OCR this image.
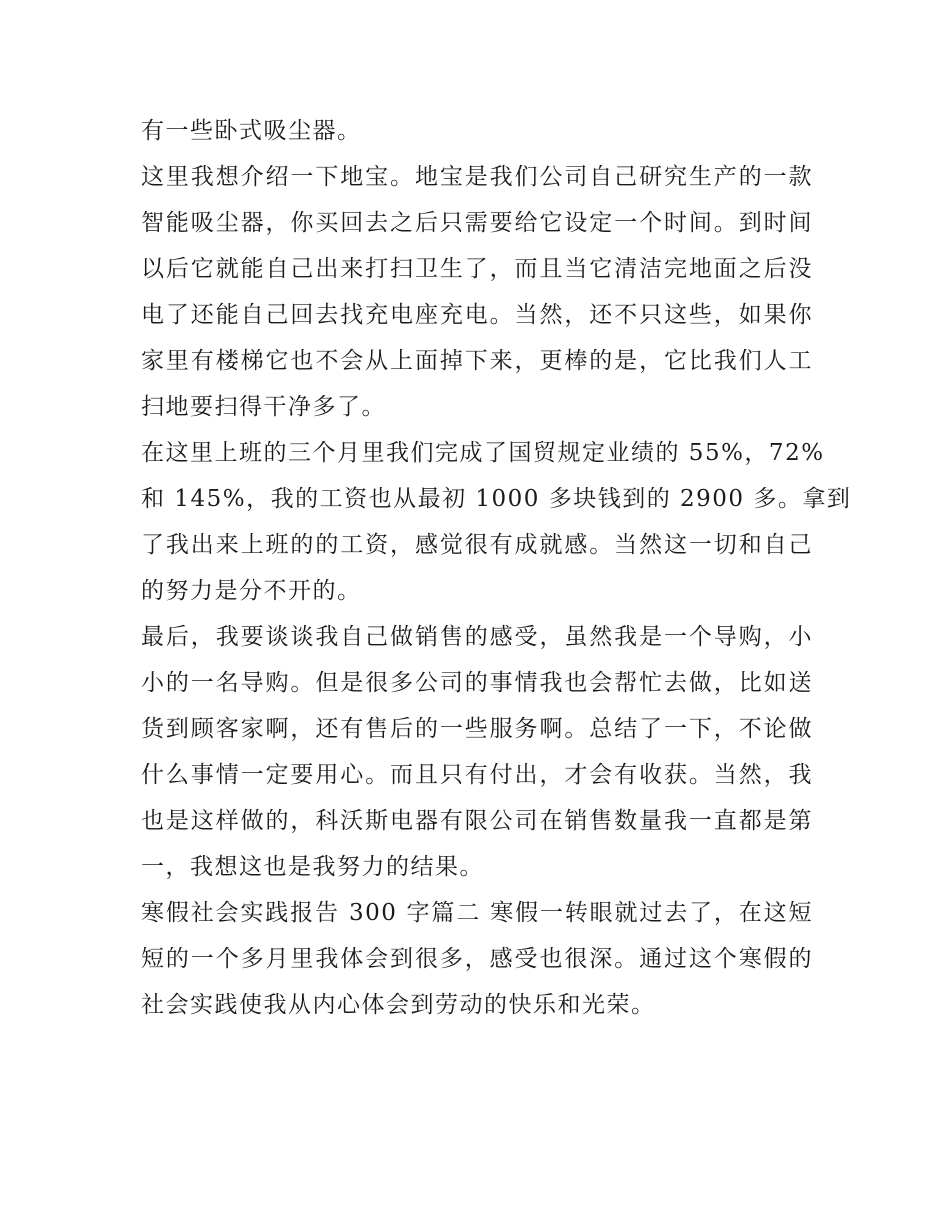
有一些卧式吸尘器。
这里我想介绍一下地宝。地宝是我们公司自己研究生产的一款
智能吸尘器，你买回去之后只需要给它设定一个时间。到时间
以后它就能自己出来打扫卫生了，而且当它清洁完地面之后没
电了还能自己回去找充电座充电。当然，还不只这些，如果你
家里有楼梯它也不会从上面掉下来，更棒的是，它比我们人工
扫地要扫得干净多了。
在这里上班的三个月里我们完成了国贸规定业绩的 55%，72%
和 145%，我的工资也从最初 1000 多块钱到的 2900 多。拿到
了我出来上班的的工资，感觉很有成就感。当然这一切和自己
的努力是分不开的。
最后，我要谈谈我自己做销售的感受，虽然我是一个导购，小
小的一名导购。但是很多公司的事情我也会帮忙去做，比如送
货到顾客家啊，还有售后的一些服务啊。总结了一下，不论做
什么事情一定要用心。而且只有付出，才会有收获。当然，我
也是这样做的，科沃斯电器有限公司在销售数量我一直都是第
一，我想这也是我努力的结果。
寒假社会实践报告 300 字篇二 寒假一转眼就过去了，在这短
短的一个多月里我体会到很多，感受也很深。通过这个寒假的
社会实践使我从内心体会到劳动的快乐和光荣。
